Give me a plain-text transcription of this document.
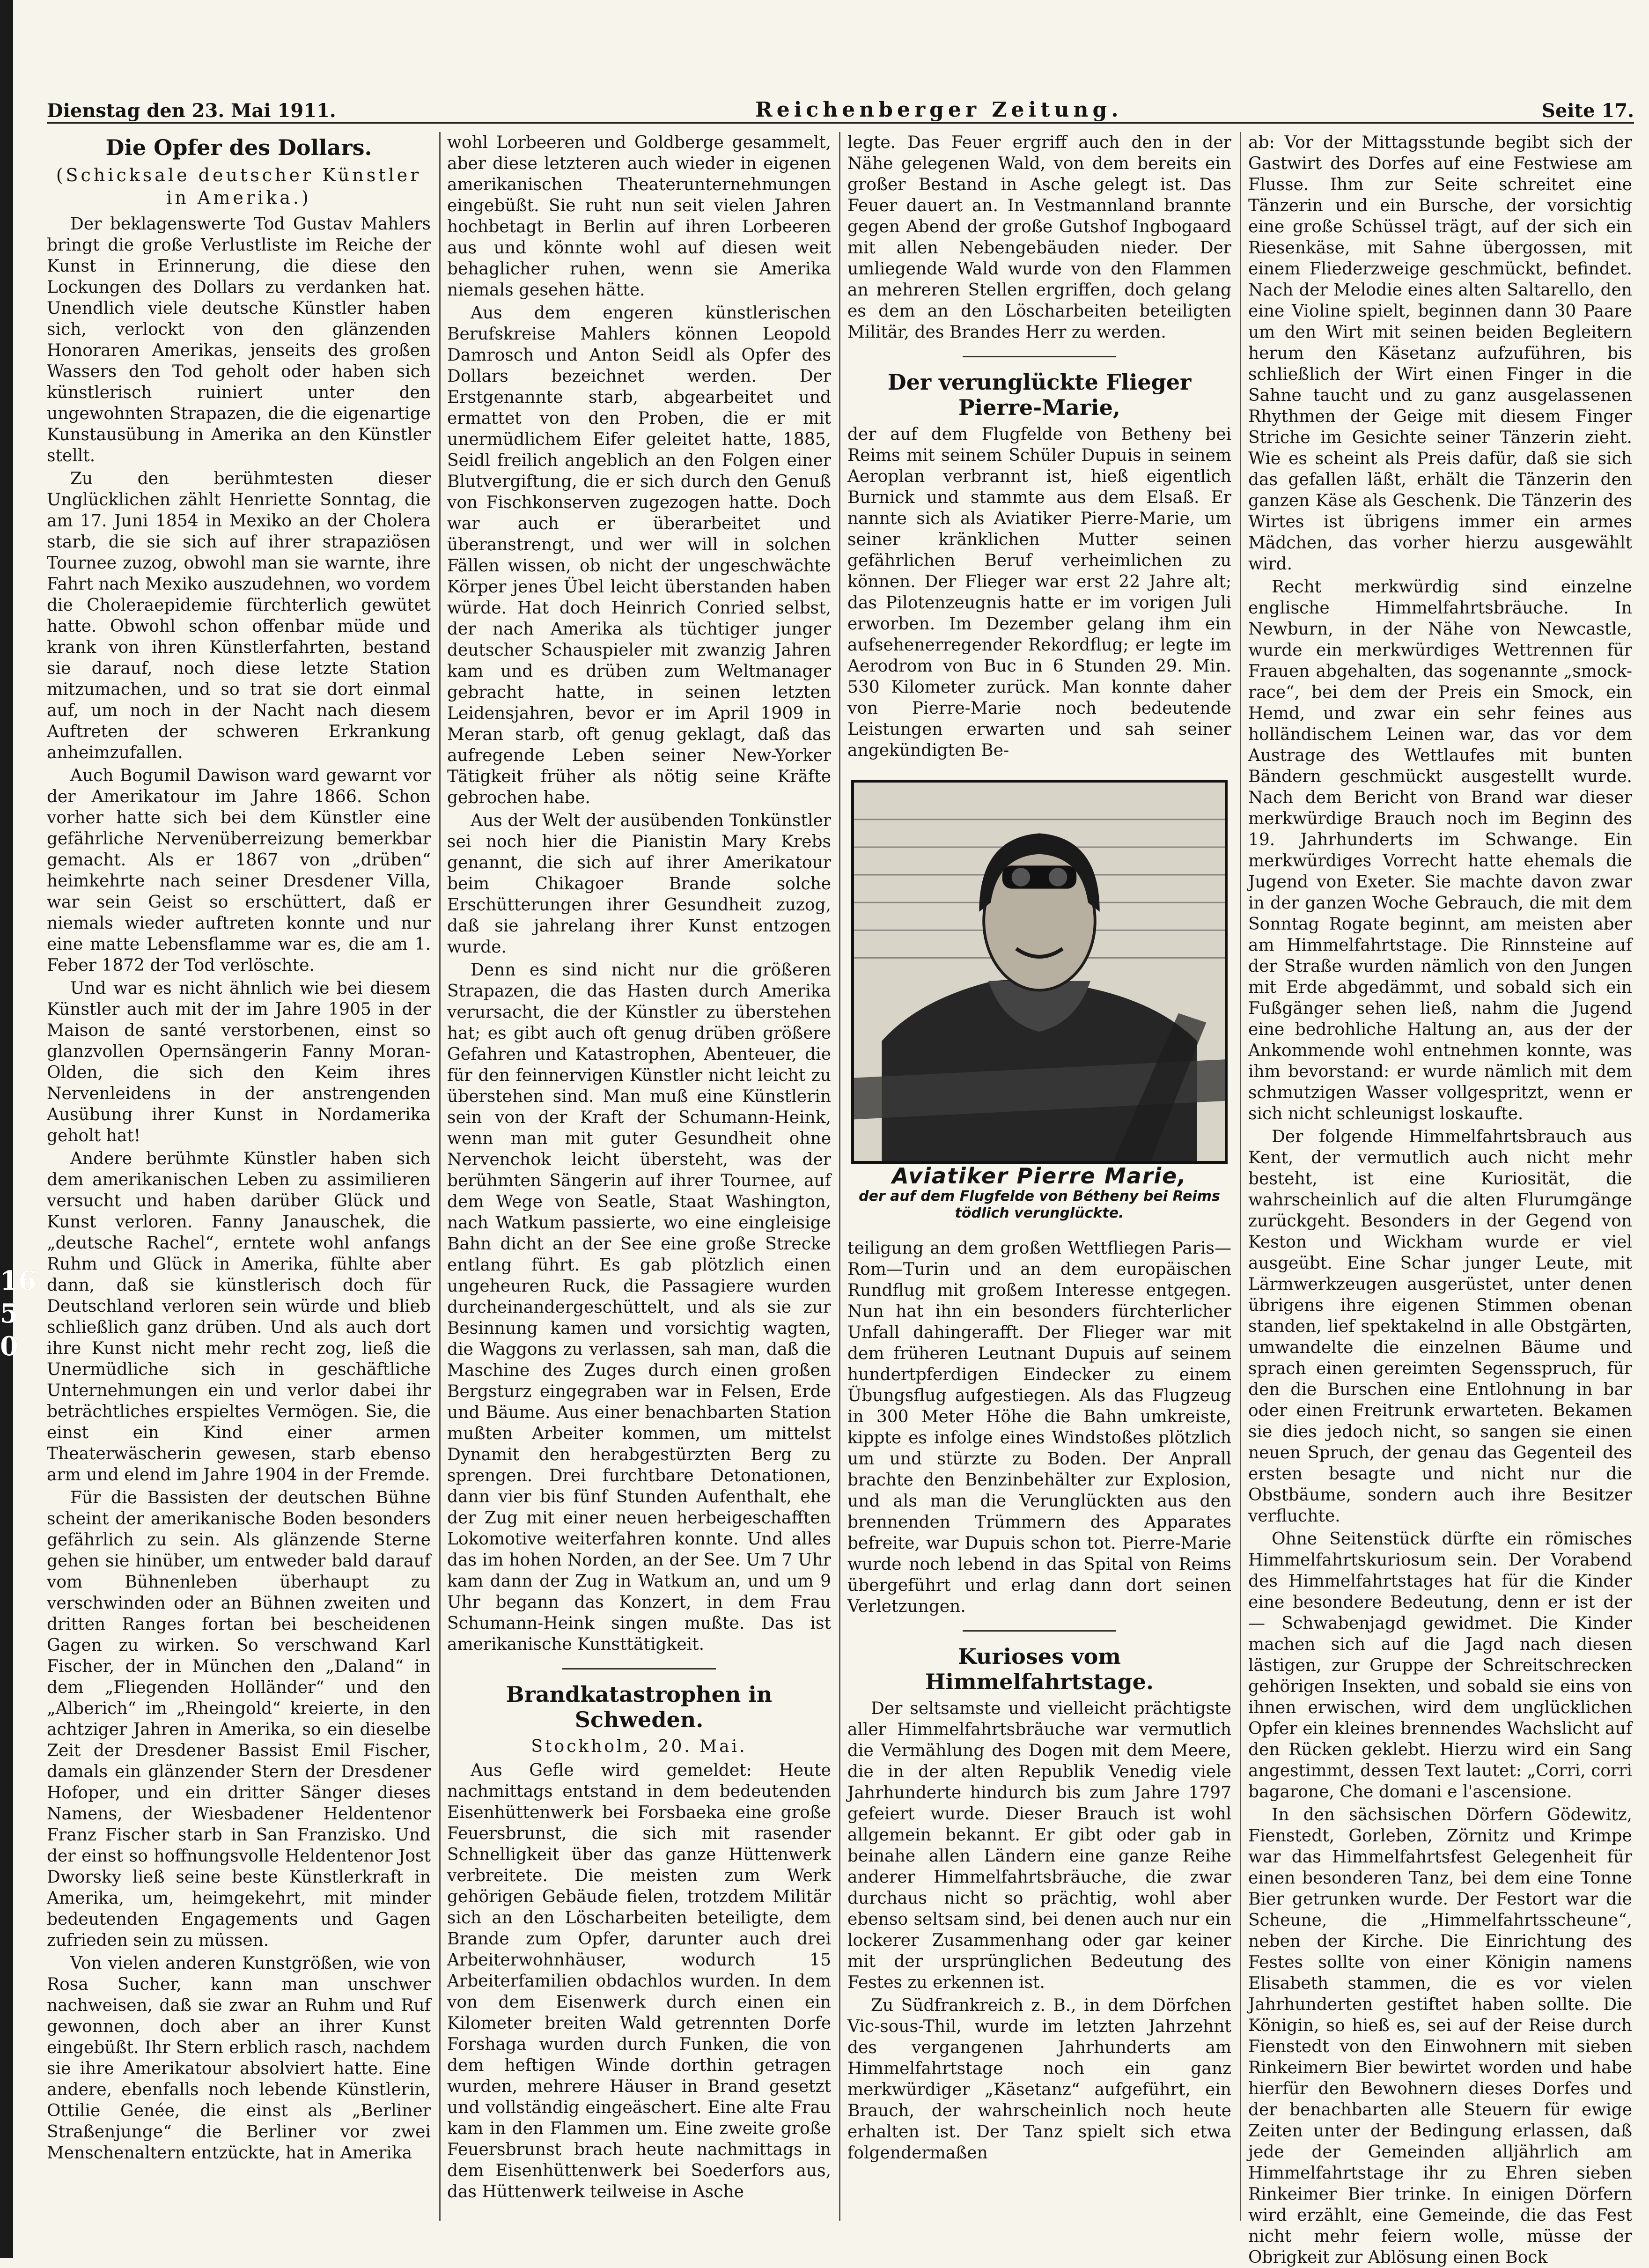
16
5
0
Dienstag den 23. Mai 1911.	Reichenberger Zeitung.	Seite 17.
Die Opfer des Dollars.
(Schicksale deutscher Künstler in Amerika.)

Der beklagenswerte Tod Gustav Mahlers bringt die große Verlustliste im Reiche der Kunst in Erinnerung, die diese den Lockungen des Dollars zu verdanken hat. Unendlich viele deutsche Künstler haben sich, verlockt von den glänzenden Honoraren Amerikas, jenseits des großen Wassers den Tod geholt oder haben sich künstlerisch ruiniert unter den ungewohnten Strapazen, die die eigenartige Kunstausübung in Amerika an den Künstler stellt.

Zu den berühmtesten dieser Unglücklichen zählt Henriette Sonntag, die am 17. Juni 1854 in Mexiko an der Cholera starb, die sie sich auf ihrer strapaziösen Tournee zuzog, obwohl man sie warnte, ihre Fahrt nach Mexiko auszudehnen, wo vordem die Choleraepidemie fürchterlich gewütet hatte. Obwohl schon offenbar müde und krank von ihren Künstlerfahrten, bestand sie darauf, noch diese letzte Station mitzumachen, und so trat sie dort einmal auf, um noch in der Nacht nach diesem Auftreten der schweren Erkrankung anheimzufallen.

Auch Bogumil Dawison ward gewarnt vor der Amerikatour im Jahre 1866. Schon vorher hatte sich bei dem Künstler eine gefährliche Nervenüberreizung bemerkbar gemacht. Als er 1867 von „drüben“ heimkehrte nach seiner Dresdener Villa, war sein Geist so erschüttert, daß er niemals wieder auftreten konnte und nur eine matte Lebensflamme war es, die am 1. Feber 1872 der Tod verlöschte.

Und war es nicht ähnlich wie bei diesem Künstler auch mit der im Jahre 1905 in der Maison de santé verstorbenen, einst so glanzvollen Opernsängerin Fanny Moran-Olden, die sich den Keim ihres Nervenleidens in der anstrengenden Ausübung ihrer Kunst in Nordamerika geholt hat!

Andere berühmte Künstler haben sich dem amerikanischen Leben zu assimilieren versucht und haben darüber Glück und Kunst verloren. Fanny Janauschek, die „deutsche Rachel“, erntete wohl anfangs Ruhm und Glück in Amerika, fühlte aber dann, daß sie künstlerisch doch für Deutschland verloren sein würde und blieb schließlich ganz drüben. Und als auch dort ihre Kunst nicht mehr recht zog, ließ die Unermüdliche sich in geschäftliche Unternehmungen ein und verlor dabei ihr beträchtliches erspieltes Vermögen. Sie, die einst ein Kind einer armen Theaterwäscherin gewesen, starb ebenso arm und elend im Jahre 1904 in der Fremde.

Für die Bassisten der deutschen Bühne scheint der amerikanische Boden besonders gefährlich zu sein. Als glänzende Sterne gehen sie hinüber, um entweder bald darauf vom Bühnenleben überhaupt zu verschwinden oder an Bühnen zweiten und dritten Ranges fortan bei bescheidenen Gagen zu wirken. So verschwand Karl Fischer, der in München den „Daland“ in dem „Fliegenden Holländer“ und den „Alberich“ im „Rheingold“ kreierte, in den achtziger Jahren in Amerika, so ein dieselbe Zeit der Dresdener Bassist Emil Fischer, damals ein glänzender Stern der Dresdener Hofoper, und ein dritter Sänger dieses Namens, der Wiesbadener Heldentenor Franz Fischer starb in San Franzisko. Und der einst so hoffnungsvolle Heldentenor Jost Dworsky ließ seine beste Künstlerkraft in Amerika, um, heimgekehrt, mit minder bedeutenden Engagements und Gagen zufrieden sein zu müssen.

Von vielen anderen Kunstgrößen, wie von Rosa Sucher, kann man unschwer nachweisen, daß sie zwar an Ruhm und Ruf gewonnen, doch aber an ihrer Kunst eingebüßt. Ihr Stern erblich rasch, nachdem sie ihre Amerikatour absolviert hatte. Eine andere, ebenfalls noch lebende Künstlerin, Ottilie Genée, die einst als „Berliner Straßenjunge“ die Berliner vor zwei Menschenaltern entzückte, hat in Amerika

wohl Lorbeeren und Goldberge gesammelt, aber diese letzteren auch wieder in eigenen amerikanischen Theaterunternehmungen eingebüßt. Sie ruht nun seit vielen Jahren hochbetagt in Berlin auf ihren Lorbeeren aus und könnte wohl auf diesen weit behaglicher ruhen, wenn sie Amerika niemals gesehen hätte.

Aus dem engeren künstlerischen Berufskreise Mahlers können Leopold Damrosch und Anton Seidl als Opfer des Dollars bezeichnet werden. Der Erstgenannte starb, abgearbeitet und ermattet von den Proben, die er mit unermüdlichem Eifer geleitet hatte, 1885, Seidl freilich angeblich an den Folgen einer Blutvergiftung, die er sich durch den Genuß von Fischkonserven zugezogen hatte. Doch war auch er überarbeitet und überanstrengt, und wer will in solchen Fällen wissen, ob nicht der ungeschwächte Körper jenes Übel leicht überstanden haben würde. Hat doch Heinrich Conried selbst, der nach Amerika als tüchtiger junger deutscher Schauspieler mit zwanzig Jahren kam und es drüben zum Weltmanager gebracht hatte, in seinen letzten Leidensjahren, bevor er im April 1909 in Meran starb, oft genug geklagt, daß das aufregende Leben seiner New-Yorker Tätigkeit früher als nötig seine Kräfte gebrochen habe.

Aus der Welt der ausübenden Tonkünstler sei noch hier die Pianistin Mary Krebs genannt, die sich auf ihrer Amerikatour beim Chikagoer Brande solche Erschütterungen ihrer Gesundheit zuzog, daß sie jahrelang ihrer Kunst entzogen wurde.

Denn es sind nicht nur die größeren Strapazen, die das Hasten durch Amerika verursacht, die der Künstler zu überstehen hat; es gibt auch oft genug drüben größere Gefahren und Katastrophen, Abenteuer, die für den feinnervigen Künstler nicht leicht zu überstehen sind. Man muß eine Künstlerin sein von der Kraft der Schumann-Heink, wenn man mit guter Gesundheit ohne Nervenchok leicht übersteht, was der berühmten Sängerin auf ihrer Tournee, auf dem Wege von Seatle, Staat Washington, nach Watkum passierte, wo eine eingleisige Bahn dicht an der See eine große Strecke entlang führt. Es gab plötzlich einen ungeheuren Ruck, die Passagiere wurden durcheinandergeschüttelt, und als sie zur Besinnung kamen und vorsichtig wagten, die Waggons zu verlassen, sah man, daß die Maschine des Zuges durch einen großen Bergsturz eingegraben war in Felsen, Erde und Bäume. Aus einer benachbarten Station mußten Arbeiter kommen, um mittelst Dynamit den herabgestürzten Berg zu sprengen. Drei furchtbare Detonationen, dann vier bis fünf Stunden Aufenthalt, ehe der Zug mit einer neuen herbeigeschafften Lokomotive weiterfahren konnte. Und alles das im hohen Norden, an der See. Um 7 Uhr kam dann der Zug in Watkum an, und um 9 Uhr begann das Konzert, in dem Frau Schumann-Heink singen mußte. Das ist amerikanische Kunsttätigkeit.

Brandkatastrophen in Schweden.
Stockholm, 20. Mai.

Aus Gefle wird gemeldet: Heute nachmittags entstand in dem bedeutenden Eisenhüttenwerk bei Forsbaeka eine große Feuersbrunst, die sich mit rasender Schnelligkeit über das ganze Hüttenwerk verbreitete. Die meisten zum Werk gehörigen Gebäude fielen, trotzdem Militär sich an den Löscharbeiten beteiligte, dem Brande zum Opfer, darunter auch drei Arbeiterwohnhäuser, wodurch 15 Arbeiterfamilien obdachlos wurden. In dem von dem Eisenwerk durch einen ein Kilometer breiten Wald getrennten Dorfe Forshaga wurden durch Funken, die von dem heftigen Winde dorthin getragen wurden, mehrere Häuser in Brand gesetzt und vollständig eingeäschert. Eine alte Frau kam in den Flammen um. Eine zweite große Feuersbrunst brach heute nachmittags in dem Eisenhüttenwerk bei Soederfors aus, das Hüttenwerk teilweise in Asche

legte. Das Feuer ergriff auch den in der Nähe gelegenen Wald, von dem bereits ein großer Bestand in Asche gelegt ist. Das Feuer dauert an. In Vestmannland brannte gegen Abend der große Gutshof Ingbogaard mit allen Nebengebäuden nieder. Der umliegende Wald wurde von den Flammen an mehreren Stellen ergriffen, doch gelang es dem an den Löscharbeiten beteiligten Militär, des Brandes Herr zu werden.

Der verunglückte Flieger Pierre-Marie,

der auf dem Flugfelde von Betheny bei Reims mit seinem Schüler Dupuis in seinem Aeroplan verbrannt ist, hieß eigentlich Burnick und stammte aus dem Elsaß. Er nannte sich als Aviatiker Pierre-Marie, um seiner kränklichen Mutter seinen gefährlichen Beruf verheimlichen zu können. Der Flieger war erst 22 Jahre alt; das Pilotenzeugnis hatte er im vorigen Juli erworben. Im Dezember gelang ihm ein aufsehenerregender Rekordflug; er legte im Aerodrom von Buc in 6 Stunden 29. Min. 530 Kilometer zurück. Man konnte daher von Pierre-Marie noch bedeutende Leistungen erwarten und sah seiner angekündigten Be-

Aviatiker Pierre Marie,
der auf dem Flugfelde von Bétheny bei Reims
tödlich verunglückte.

teiligung an dem großen Wettfliegen Paris—Rom—Turin und an dem europäischen Rundflug mit großem Interesse entgegen. Nun hat ihn ein besonders fürchterlicher Unfall dahingerafft. Der Flieger war mit dem früheren Leutnant Dupuis auf seinem hundertpferdigen Eindecker zu einem Übungsflug aufgestiegen. Als das Flugzeug in 300 Meter Höhe die Bahn umkreiste, kippte es infolge eines Windstoßes plötzlich um und stürzte zu Boden. Der Anprall brachte den Benzinbehälter zur Explosion, und als man die Verunglückten aus den brennenden Trümmern des Apparates befreite, war Dupuis schon tot. Pierre-Marie wurde noch lebend in das Spital von Reims übergeführt und erlag dann dort seinen Verletzungen.

Kurioses vom Himmelfahrtstage.

Der seltsamste und vielleicht prächtigste aller Himmelfahrtsbräuche war vermutlich die Vermählung des Dogen mit dem Meere, die in der alten Republik Venedig viele Jahrhunderte hindurch bis zum Jahre 1797 gefeiert wurde. Dieser Brauch ist wohl allgemein bekannt. Er gibt oder gab in beinahe allen Ländern eine ganze Reihe anderer Himmelfahrtsbräuche, die zwar durchaus nicht so prächtig, wohl aber ebenso seltsam sind, bei denen auch nur ein lockerer Zusammenhang oder gar keiner mit der ursprünglichen Bedeutung des Festes zu erkennen ist.

Zu Südfrankreich z. B., in dem Dörfchen Vic-sous-Thil, wurde im letzten Jahrzehnt des vergangenen Jahrhunderts am Himmelfahrtstage noch ein ganz merkwürdiger „Käsetanz“ aufgeführt, ein Brauch, der wahrscheinlich noch heute erhalten ist. Der Tanz spielt sich etwa folgendermaßen

ab: Vor der Mittagsstunde begibt sich der Gastwirt des Dorfes auf eine Festwiese am Flusse. Ihm zur Seite schreitet eine Tänzerin und ein Bursche, der vorsichtig eine große Schüssel trägt, auf der sich ein Riesenkäse, mit Sahne übergossen, mit einem Fliederzweige geschmückt, befindet. Nach der Melodie eines alten Saltarello, den eine Violine spielt, beginnen dann 30 Paare um den Wirt mit seinen beiden Begleitern herum den Käsetanz aufzuführen, bis schließlich der Wirt einen Finger in die Sahne taucht und zu ganz ausgelassenen Rhythmen der Geige mit diesem Finger Striche im Gesichte seiner Tänzerin zieht. Wie es scheint als Preis dafür, daß sie sich das gefallen läßt, erhält die Tänzerin den ganzen Käse als Geschenk. Die Tänzerin des Wirtes ist übrigens immer ein armes Mädchen, das vorher hierzu ausgewählt wird.

Recht merkwürdig sind einzelne englische Himmelfahrtsbräuche. In Newburn, in der Nähe von Newcastle, wurde ein merkwürdiges Wettrennen für Frauen abgehalten, das sogenannte „smock-race“, bei dem der Preis ein Smock, ein Hemd, und zwar ein sehr feines aus holländischem Leinen war, das vor dem Austrage des Wettlaufes mit bunten Bändern geschmückt ausgestellt wurde. Nach dem Bericht von Brand war dieser merkwürdige Brauch noch im Beginn des 19. Jahrhunderts im Schwange. Ein merkwürdiges Vorrecht hatte ehemals die Jugend von Exeter. Sie machte davon zwar in der ganzen Woche Gebrauch, die mit dem Sonntag Rogate beginnt, am meisten aber am Himmelfahrtstage. Die Rinnsteine auf der Straße wurden nämlich von den Jungen mit Erde abgedämmt, und sobald sich ein Fußgänger sehen ließ, nahm die Jugend eine bedrohliche Haltung an, aus der der Ankommende wohl entnehmen konnte, was ihm bevorstand: er wurde nämlich mit dem schmutzigen Wasser vollgespritzt, wenn er sich nicht schleunigst loskaufte.

Der folgende Himmelfahrtsbrauch aus Kent, der vermutlich auch nicht mehr besteht, ist eine Kuriosität, die wahrscheinlich auf die alten Flurumgänge zurückgeht. Besonders in der Gegend von Keston und Wickham wurde er viel ausgeübt. Eine Schar junger Leute, mit Lärmwerkzeugen ausgerüstet, unter denen übrigens ihre eigenen Stimmen obenan standen, lief spektakelnd in alle Obstgärten, umwandelte die einzelnen Bäume und sprach einen gereimten Segensspruch, für den die Burschen eine Entlohnung in bar oder einen Freitrunk erwarteten. Bekamen sie dies jedoch nicht, so sangen sie einen neuen Spruch, der genau das Gegenteil des ersten besagte und nicht nur die Obstbäume, sondern auch ihre Besitzer verfluchte.

Ohne Seitenstück dürfte ein römisches Himmelfahrtskuriosum sein. Der Vorabend des Himmelfahrtstages hat für die Kinder eine besondere Bedeutung, denn er ist der — Schwabenjagd gewidmet. Die Kinder machen sich auf die Jagd nach diesen lästigen, zur Gruppe der Schreitschrecken gehörigen Insekten, und sobald sie eins von ihnen erwischen, wird dem unglücklichen Opfer ein kleines brennendes Wachslicht auf den Rücken geklebt. Hierzu wird ein Sang angestimmt, dessen Text lautet: „Corri, corri bagarone, Che domani e l'ascensione.

In den sächsischen Dörfern Gödewitz, Fienstedt, Gorleben, Zörnitz und Krimpe war das Himmelfahrtsfest Gelegenheit für einen besonderen Tanz, bei dem eine Tonne Bier getrunken wurde. Der Festort war die Scheune, die „Himmelfahrtsscheune“, neben der Kirche. Die Einrichtung des Festes sollte von einer Königin namens Elisabeth stammen, die es vor vielen Jahrhunderten gestiftet haben sollte. Die Königin, so hieß es, sei auf der Reise durch Fienstedt von den Einwohnern mit sieben Rinkeimern Bier bewirtet worden und habe hierfür den Bewohnern dieses Dorfes und der benachbarten alle Steuern für ewige Zeiten unter der Bedingung erlassen, daß jede der Gemeinden alljährlich am Himmelfahrtstage ihr zu Ehren sieben Rinkeimer Bier trinke. In einigen Dörfern wird erzählt, eine Gemeinde, die das Fest nicht mehr feiern wolle, müsse der Obrigkeit zur Ablösung einen Bock
